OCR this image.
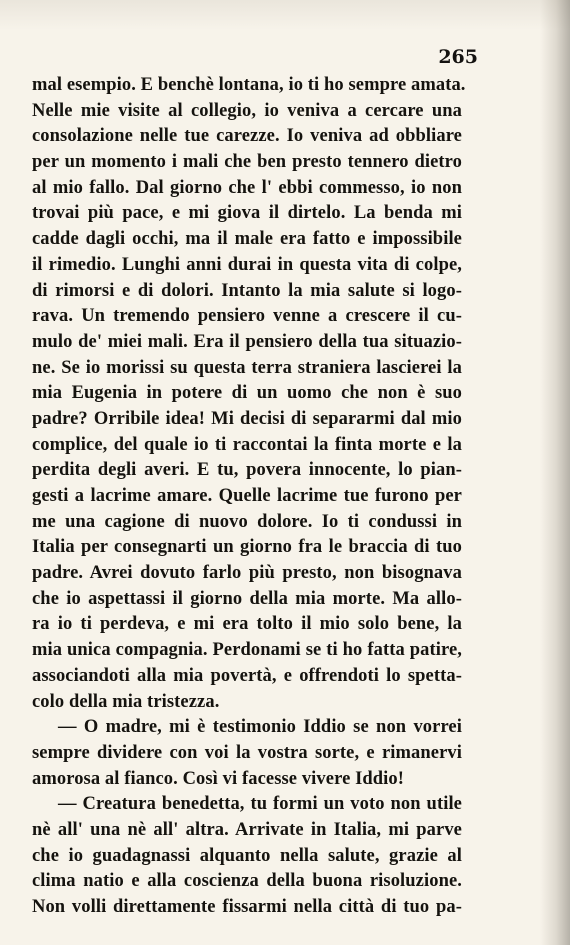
265
mal esempio. E benchè lontana, io ti ho sempre amata.
Nelle mie visite al collegio, io veniva a cercare una
consolazione nelle tue carezze. Io veniva ad obbliare
per un momento i mali che ben presto tennero dietro
al mio fallo. Dal giorno che l' ebbi commesso, io non
trovai più pace, e mi giova il dirtelo. La benda mi
cadde dagli occhi, ma il male era fatto e impossibile
il rimedio. Lunghi anni durai in questa vita di colpe,
di rimorsi e di dolori. Intanto la mia salute si logo-
rava. Un tremendo pensiero venne a crescere il cu-
mulo de' miei mali. Era il pensiero della tua situazio-
ne. Se io morissi su questa terra straniera lascierei la
mia Eugenia in potere di un uomo che non è suo
padre? Orribile idea! Mi decisi di separarmi dal mio
complice, del quale io ti raccontai la finta morte e la
perdita degli averi. E tu, povera innocente, lo pian-
gesti a lacrime amare. Quelle lacrime tue furono per
me una cagione di nuovo dolore. Io ti condussi in
Italia per consegnarti un giorno fra le braccia di tuo
padre. Avrei dovuto farlo più presto, non bisognava
che io aspettassi il giorno della mia morte. Ma allo-
ra io ti perdeva, e mi era tolto il mio solo bene, la
mia unica compagnia. Perdonami se ti ho fatta patire,
associandoti alla mia povertà, e offrendoti lo spetta-
colo della mia tristezza.
— O madre, mi è testimonio Iddio se non vorrei
sempre dividere con voi la vostra sorte, e rimanervi
amorosa al fianco. Così vi facesse vivere Iddio!
— Creatura benedetta, tu formi un voto non utile
nè all' una nè all' altra. Arrivate in Italia, mi parve
che io guadagnassi alquanto nella salute, grazie al
clima natio e alla coscienza della buona risoluzione.
Non volli direttamente fissarmi nella città di tuo pa-
